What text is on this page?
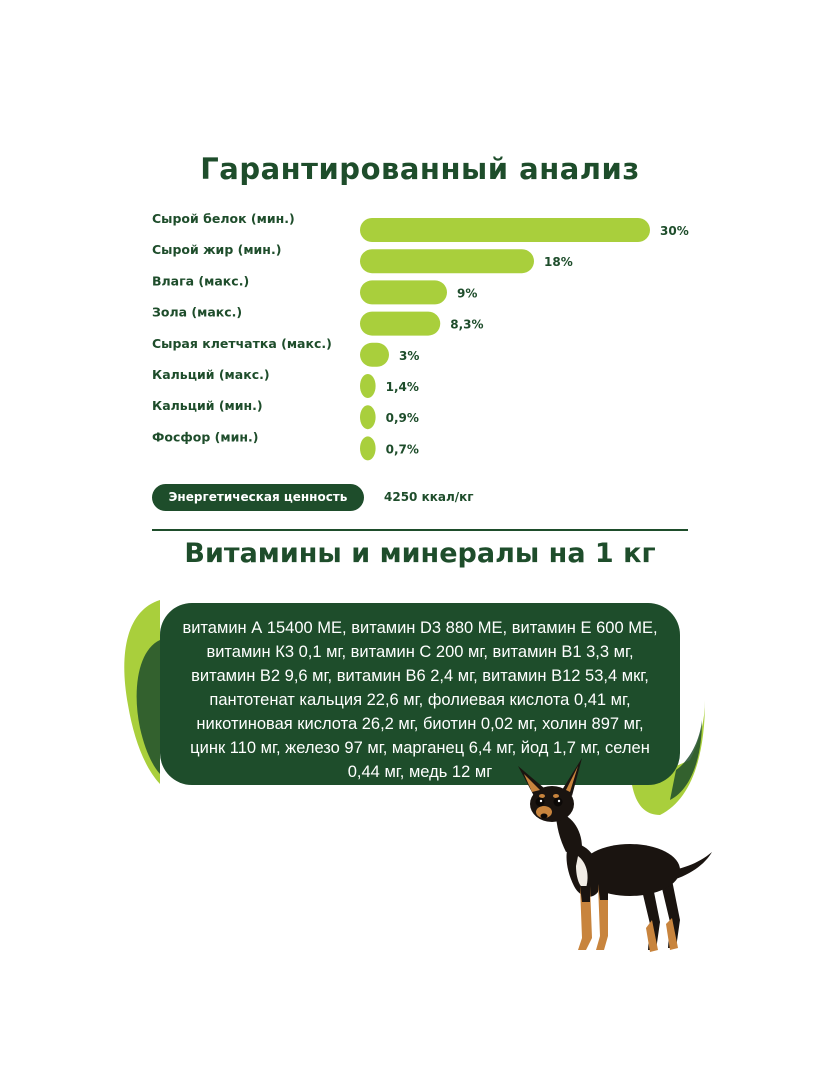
Гарантированный анализ
Сырой белок (мин.)
30%
Сырой жир (мин.)
18%
Влага (макс.)
9%
Зола (макс.)
8,3%
Сырая клетчатка (макс.)
3%
Кальций (макс.)
1,4%
Кальций (мин.)
0,9%
Фосфор (мин.)
0,7%
Энергетическая ценность	4250 ккал/кг
Витамины и минералы на 1 кг
витамин А 15400 МЕ, витамин D3 880 МЕ, витамин Е 600 МЕ,
витамин К3 0,1 мг, витамин С 200 мг, витамин В1 3,3 мг,
витамин В2 9,6 мг, витамин В6 2,4 мг, витамин В12 53,4 мкг,
пантотенат кальция 22,6 мг, фолиевая кислота 0,41 мг,
никотиновая кислота 26,2 мг, биотин 0,02 мг, холин 897 мг,
цинк 110 мг, железо 97 мг, марганец 6,4 мг, йод 1,7 мг, селен
0,44 мг, медь 12 мг
